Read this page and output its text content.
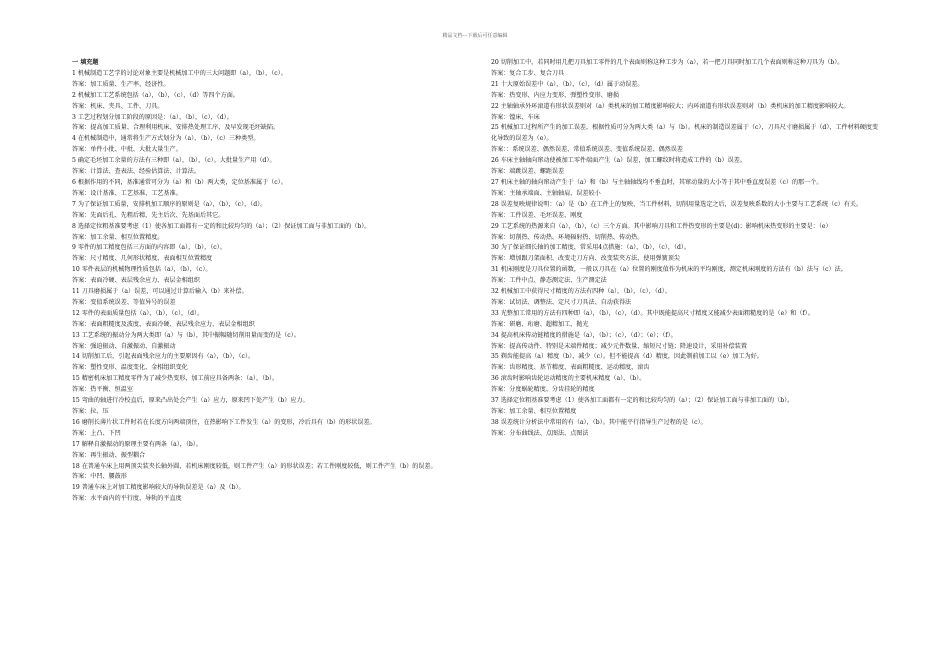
精品文档---下载后可任意编辑

一 填充题

1 机械制造工艺学的讨论对象主要是机械加工中的三大问题即（a），（b），（c）。

答案：加工质量、生产率、经济性。

2 机械加工工艺系统包括（a），（b），（c），（d）等四个方面。

答案：机床、夹具、工件、刀具。

3 工艺过程划分加工阶段的原因是：（a），（b），（c），（d）。

答案：提高加工质量、合理利用机床、安排热处理工序、及早发现毛坯缺陷。

4 在机械制造中，通常将生产方式划分为（a），（b），（c）三种类型。

答案：单件小批、中批、大批大量生产。

5 确定毛坯加工余量的方法有三种即（a），（b），（c）。大批量生产用（d）。

答案：计算法、查表法、经验估算法、计算法。

6 根据作用的不同，基准通常可分为（a）和（b）两大类，定位基准属于（c）。

答案：设计基准、工艺基准、工艺基准。

7 为了保证加工质量，安排机加工顺序的原则是（a），（b），（c），（d）。

答案：先面后孔、先粗后精、先主后次、先基面后其它。

8 选择定位粗基准要考虑（1）使各加工面都有一定的和比较均匀的（a）；（2）保证加工面与非加工面的（b）。

答案：加工余量、相互位置精度。

9 零件的加工精度包括三方面的内容即（a），（b），（c）。

答案：尺寸精度、几何形状精度、表面相互位置精度

10 零件表层的机械物理性质包括（a），（b），（c）。

答案：表面冷硬、表层残余应力、表层金相组织

11 刀具磨损属于（a）误差，可以通过计算后输入（b）来补偿。

答案：变值系统误差、等值异号的误差

12 零件的表面质量包括（a），（b），（c），（d）。

答案：表面粗糙度及波度、表面冷硬、表层残余应力、表层金相组织

13 工艺系统的振动分为两大类即（a）与（b），其中振幅随切削用量而变的是（c）。

答案：强迫振动、自激振动、自激振动

14 切削加工后，引起表面残余应力的主要原因有（a），（b），（c）。

答案：塑性变形、温度变化、金相组织变化

15 精密机床加工精度零件为了减少热变形，加工前应具备两条：（a），（b）。

答案：热平衡、恒温室

15 弯曲的轴进行冷校直后，原来凸出处会产生（a）应力，原来凹下处产生（b）应力。

答案：拉、压

16 磨削长薄片状工件时若在长度方向两端顶住，在热影响下工件发生（a）的变形，冷后具有（b）的形状误差。

答案：上凸、下凹

17 解释自激振动的原理主要有两条（a），（b）。

答案：再生振动、振型耦合

18 在普通车床上用两顶尖装夹长轴外圆，若机床刚度较低，则工件产生（a）的形状误差；若工件刚度较低，则工件产生（b）的误差。

答案：中凹、腰鼓形

19 普通车床上对加工精度影响较大的导轨误差是（a）及（b）。

答案：水平面内的平行度、导轨的平直度

20 切削加工中，若同时用几把刀具加工零件的几个表面则称这种工步为（a），若一把刀具同时加工几个表面则称这种刀具为（b）。

答案：复合工步、复合刀具

21 十大原始误差中（a），（b），（c），（d）属于动误差。

答案：热变形、内应力变形、弹塑性变形、磨损

22 主轴轴承外环滚道有形状误差则对（a）类机床的加工精度影响较大；内环滚道有形状误差则对（b）类机床的加工精度影响较大。

答案：镗床、车床

25 机械加工过程所产生的加工误差，根据性质可分为两大类（a）与（b）。机床的制造误差属于（c），刀具尺寸磨损属于（d），工件材料硬度变化导致的误差为（e）。

答案：：系统误差、偶然误差、常值系统误差、变值系统误差、偶然误差

26 车床主轴轴向窜动使被加工零件端面产生（a）误差，加工螺纹时将造成工件的（b）误差。

答案：端跳误差、螺距误差

27 机床主轴的轴向窜动产生于（a）和（b）与主轴轴线均不垂直时，其窜动量的大小等于其中垂直度误差（c）的那一个。

答案：主轴承端面、主轴轴肩、误差较小

28 误差复映规律说明：（a）是（b）在工件上的复映，当工件材料，切削用量选定之后，误差复映系数的大小主要与工艺系统（c）有关。

答案：工件误差、毛坯误差、刚度

29 工艺系统的热源来自（a），（b），（c）三个方面。其中影响刀具和工件热变形的主要是(d)；影响机床热变形的主要是：（e）

答案：切削热、传动热、环境辐射热、切削热、传动热。

30 为了保证细长轴的加工精度，常采用4点措施：（a），（b），（c），（d）。

答案：增加跟刀架面积、改变走刀方向、改变装夹方法、使用弹簧顶尖

31 机床刚度是刀具位置的函数，一般以刀具在（a）位置的刚度值作为机床的平均刚度，测定机床刚度的方法有（b）法与（c）法。

答案：工件中点、静态测定法、生产测定法

32 机械加工中获得尺寸精度的方法有四种（a），（b），（c），（d）。

答案：试切法、调整法、定尺寸刀具法、自动获得法

33 光整加工常用的方法有四种即（a），（b），（c），（d）。其中既能提高尺寸精度又能减少表面粗糙度的是（e）和（f）。

答案：研磨、珩磨、超精加工、抛光

34 提高机床传动链精度的措施是（a），（b）；（c），（d）；（e）；（f）。

答案：提高传动件、特别是末端件精度；减少元件数量、缩短尺寸链；降速设计，采用补偿装置

35 剃齿能提高（a）精度（b），减少（c）。但不能提高（d）精度，因此剃前加工以（e）加工为好。

答案：齿形精度、基节精度、表面粗糙度、运动精度、滚齿

36 滚齿时影响齿轮运动精度的主要机床精度（a），（b）。

答案：分度蜗轮精度、分齿挂轮的精度

37 选择定位粗基准要考虑（1）使各加工面都有一定的和比较均匀的（a）；（2）保证加工面与非加工面的（b）。

答案：加工余量、相互位置精度

38 误差统计分析法中常用的有（a），（b）。其中能平行指导生产过程的是（c）。

答案：分布曲线法、点图法、点图法
